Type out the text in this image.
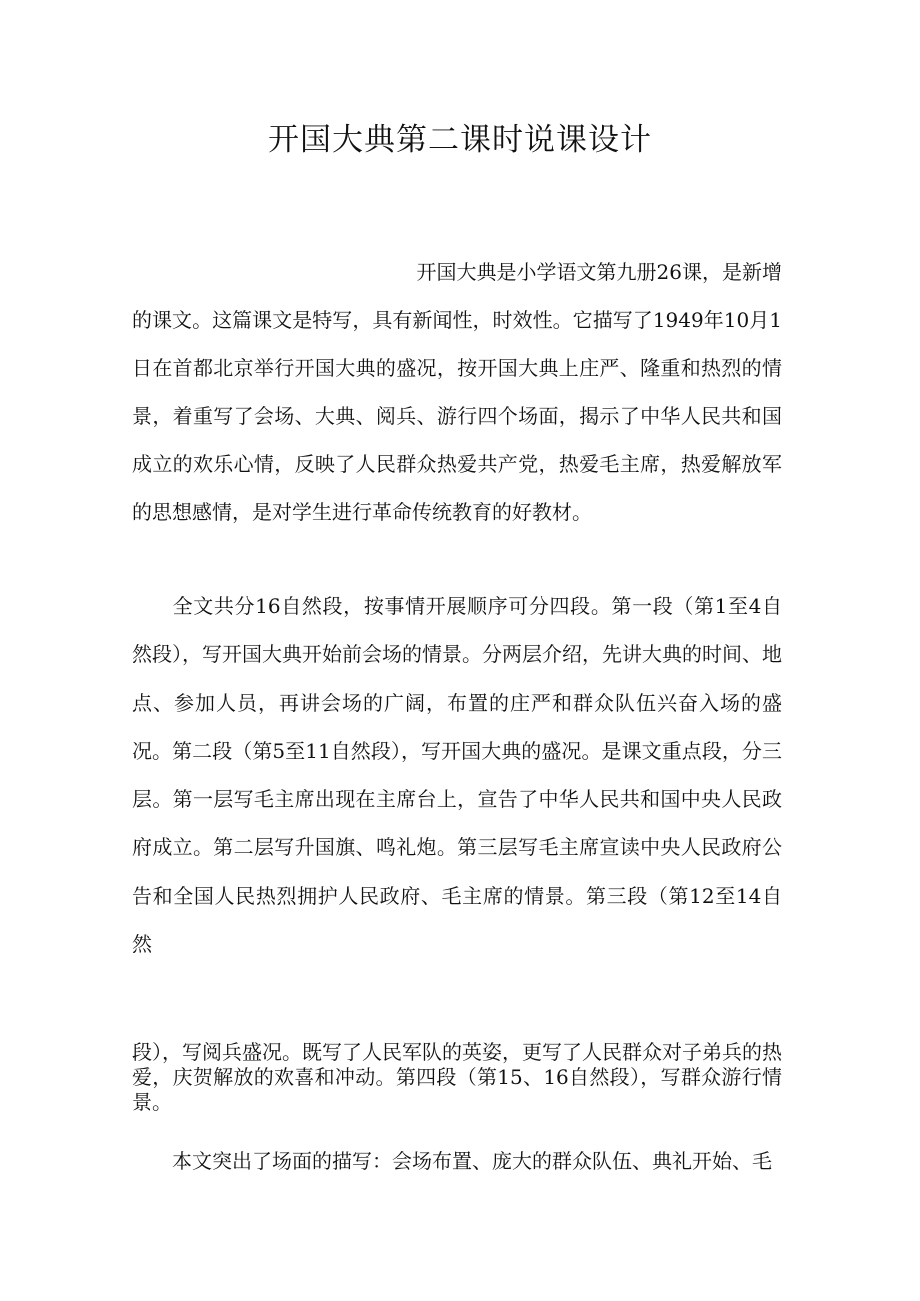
开国大典第二课时说课设计

开国大典是小学语文第九册26课，是新增
的课文。这篇课文是特写，具有新闻性，时效性。它描写了1949年10月1日在首都北京举行开国大典的盛况，按开国大典上庄严、隆重和热烈的情景，着重写了会场、大典、阅兵、游行四个场面，揭示了中华人民共和国成立的欢乐心情，反映了人民群众热爱共产党，热爱毛主席，热爱解放军的思想感情，是对学生进行革命传统教育的好教材。

全文共分16自然段，按事情开展顺序可分四段。第一段（第1至4自然段），写开国大典开始前会场的情景。分两层介绍，先讲大典的时间、地点、参加人员，再讲会场的广阔，布置的庄严和群众队伍兴奋入场的盛况。第二段（第5至11自然段），写开国大典的盛况。是课文重点段，分三层。第一层写毛主席出现在主席台上，宣告了中华人民共和国中央人民政府成立。第二层写升国旗、鸣礼炮。第三层写毛主席宣读中央人民政府公告和全国人民热烈拥护人民政府、毛主席的情景。第三段（第12至14自然

段），写阅兵盛况。既写了人民军队的英姿，更写了人民群众对子弟兵的热爱，庆贺解放的欢喜和冲动。第四段（第15、16自然段），写群众游行情景。

本文突出了场面的描写：会场布置、庞大的群众队伍、典礼开始、毛
